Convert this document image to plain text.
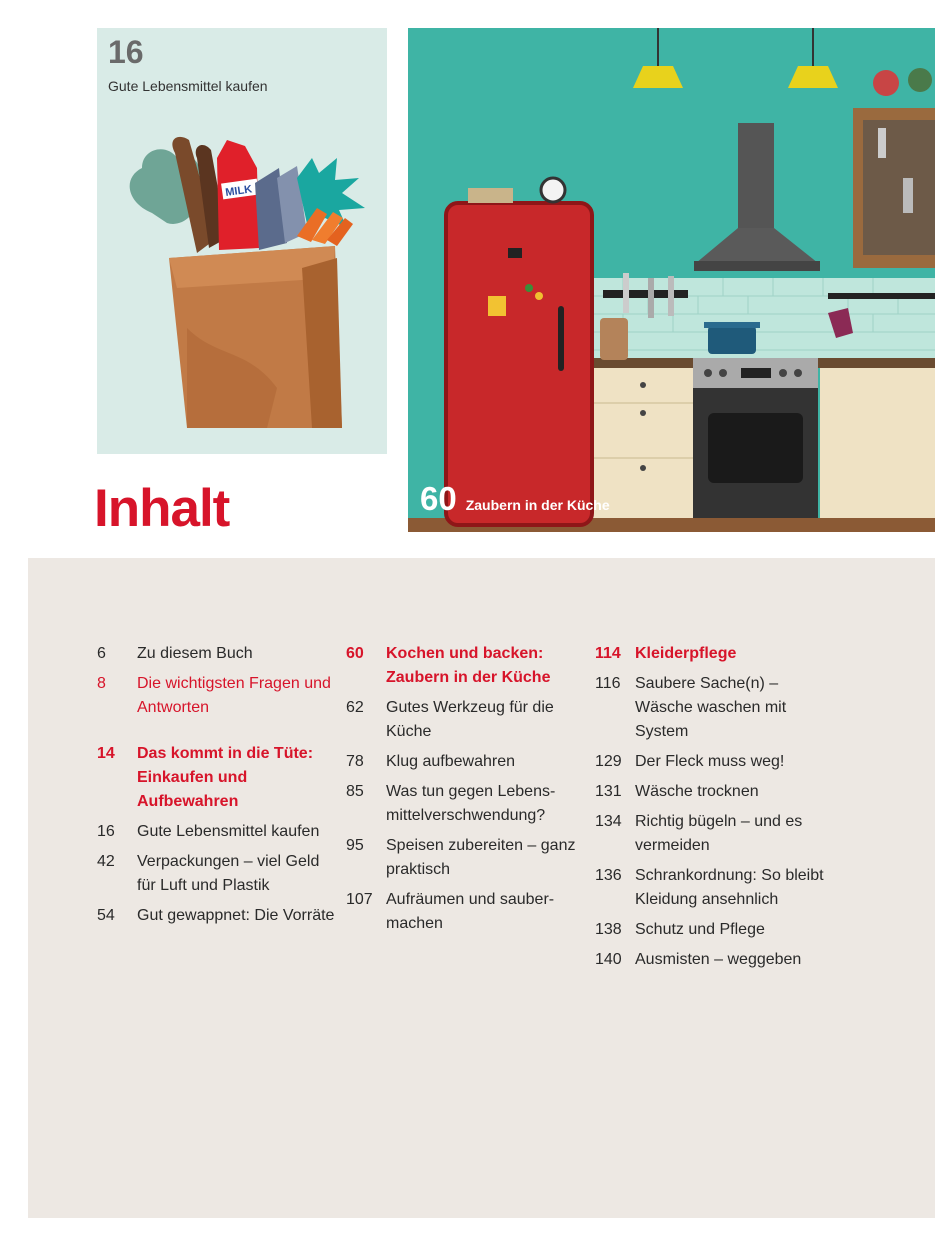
MILK
16
Gute Lebensmittel kaufen
60 Zaubern in der Küche
Inhalt
6	Zu diesem Buch
8	Die wichtigsten Fragen und Antworten
14	Das kommt in die Tüte: Einkaufen und Aufbewahren
16	Gute Lebensmittel kaufen
42	Verpackungen – viel Geld für Luft und Plastik
54	Gut gewappnet: Die Vorräte
60	Kochen und backen: Zaubern in der Küche
62	Gutes Werkzeug für die Küche
78	Klug aufbewahren
85	Was tun gegen Lebensmittelverschwendung?
95	Speisen zubereiten – ganz praktisch
107 Aufräumen und saubermachen
114 Kleiderpflege
116 Saubere Sache(n) – Wäsche waschen mit System
129 Der Fleck muss weg!
131 Wäsche trocknen
134 Richtig bügeln – und es vermeiden
136 Schrankordnung: So bleibt Kleidung ansehnlich
138 Schutz und Pflege
140 Ausmisten – weggeben
